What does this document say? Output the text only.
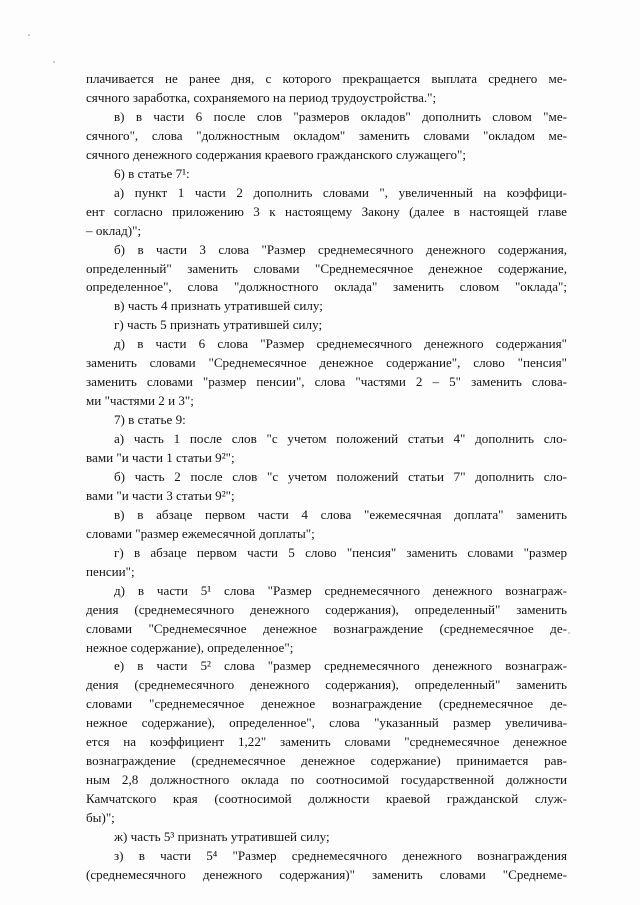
плачивается не ранее дня, с которого прекращается выплата среднего ме-
сячного заработка, сохраняемого на период трудоустройства.";
в) в части 6 после слов "размеров окладов" дополнить словом "ме-
сячного", слова "должностным окладом" заменить словами "окладом ме-
сячного денежного содержания краевого гражданского служащего";
6) в статье 7¹:
а) пункт 1 части 2 дополнить словами ", увеличенный на коэффици-
ент согласно приложению 3 к настоящему Закону (далее в настоящей главе
– оклад)";
б) в части 3 слова "Размер среднемесячного денежного содержания,
определенный" заменить словами "Среднемесячное денежное содержание,
определенное", слова "должностного оклада" заменить словом "оклада";
в) часть 4 признать утратившей силу;
г) часть 5 признать утратившей силу;
д) в части 6 слова "Размер среднемесячного денежного содержания"
заменить словами "Среднемесячное денежное содержание", слово "пенсия"
заменить словами "размер пенсии", слова "частями 2 – 5" заменить слова-
ми "частями 2 и 3";
7) в статье 9:
а) часть 1 после слов "с учетом положений статьи 4" дополнить сло-
вами "и части 1 статьи 9²";
б) часть 2 после слов "с учетом положений статьи 7" дополнить сло-
вами "и части 3 статьи 9²";
в) в абзаце первом части 4 слова "ежемесячная доплата" заменить
словами "размер ежемесячной доплаты";
г) в абзаце первом части 5 слово "пенсия" заменить словами "размер
пенсии";
д) в части 5¹ слова "Размер среднемесячного денежного вознаграж-
дения (среднемесячного денежного содержания), определенный" заменить
словами "Среднемесячное денежное вознаграждение (среднемесячное де-
нежное содержание), определенное";
е) в части 5² слова "размер среднемесячного денежного вознаграж-
дения (среднемесячного денежного содержания), определенный" заменить
словами "среднемесячное денежное вознаграждение (среднемесячное де-
нежное содержание), определенное", слова "указанный размер увеличива-
ется на коэффициент 1,22" заменить словами "среднемесячное денежное
вознаграждение (среднемесячное денежное содержание) принимается рав-
ным 2,8 должностного оклада по соотносимой государственной должности
Камчатского края (соотносимой должности краевой гражданской служ-
бы)";
ж) часть 5³ признать утратившей силу;
з) в части 5⁴ "Размер среднемесячного денежного вознаграждения
(среднемесячного денежного содержания)" заменить словами "Среднеме-
